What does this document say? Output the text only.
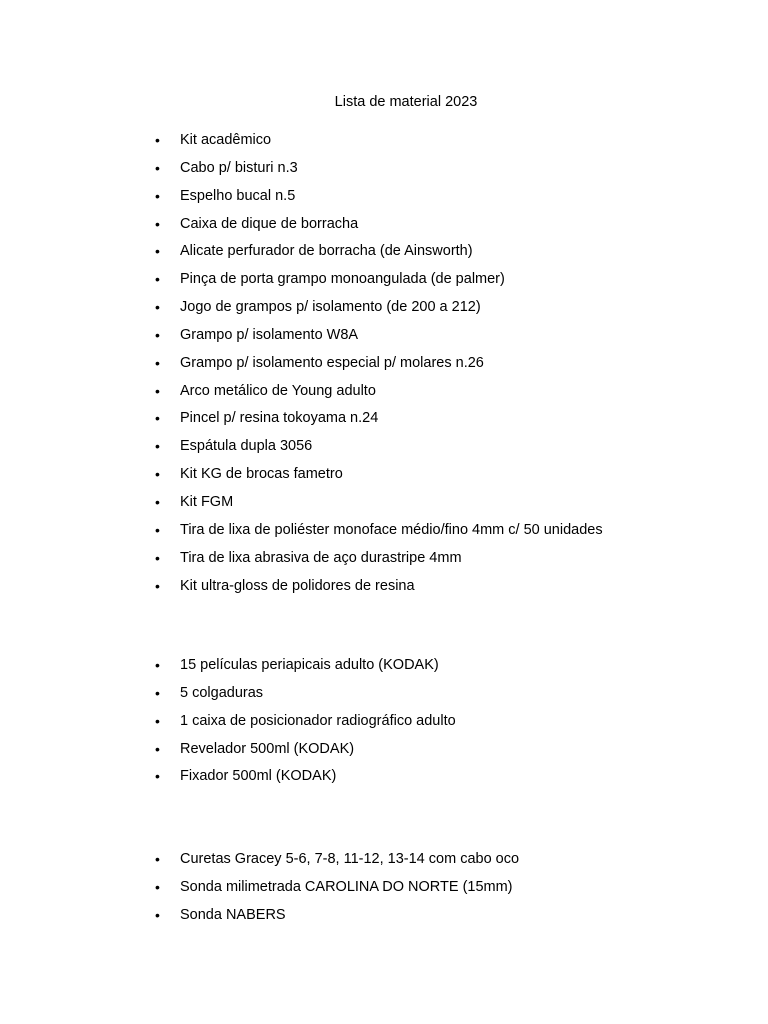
Lista de material 2023
• Kit acadêmico
• Cabo p/ bisturi n.3
• Espelho bucal n.5
• Caixa de dique de borracha
• Alicate perfurador de borracha (de Ainsworth)
• Pinça de porta grampo monoangulada (de palmer)
• Jogo de grampos p/ isolamento (de 200 a 212)
• Grampo p/ isolamento W8A
• Grampo p/ isolamento especial p/ molares n.26
• Arco metálico de Young adulto
• Pincel p/ resina tokoyama n.24
• Espátula dupla 3056
• Kit KG de brocas fametro
• Kit FGM
• Tira de lixa de poliéster monoface médio/fino 4mm c/ 50 unidades
• Tira de lixa abrasiva de aço durastripe 4mm
• Kit ultra-gloss de polidores de resina
• 15 películas periapicais adulto (KODAK)
• 5 colgaduras
• 1 caixa de posicionador radiográfico adulto
• Revelador 500ml (KODAK)
• Fixador 500ml (KODAK)
• Curetas Gracey 5-6, 7-8, 11-12, 13-14 com cabo oco
• Sonda milimetrada CAROLINA DO NORTE (15mm)
• Sonda NABERS
